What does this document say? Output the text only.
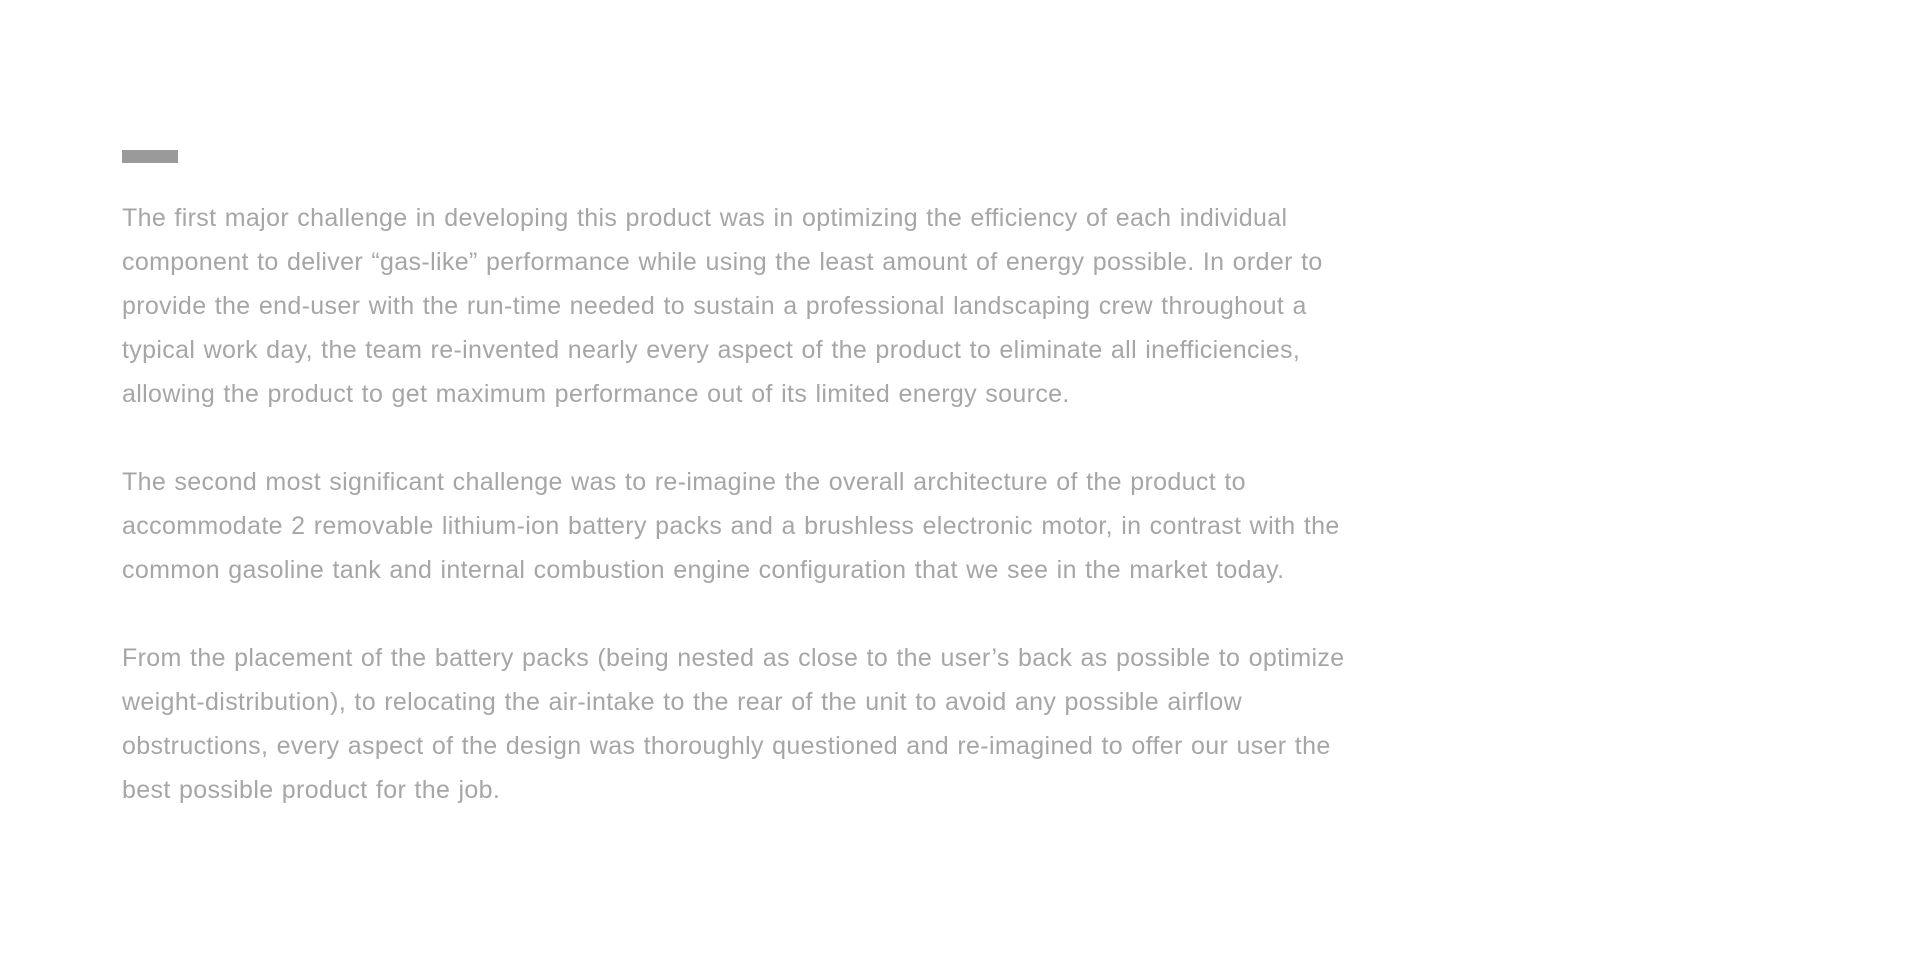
The first major challenge in developing this product was in optimizing the efficiency of each individual
component to deliver “gas-like” performance while using the least amount of energy possible. In order to
provide the end-user with the run-time needed to sustain a professional landscaping crew throughout a
typical work day, the team re-invented nearly every aspect of the product to eliminate all inefficiencies,
allowing the product to get maximum performance out of its limited energy source.

The second most significant challenge was to re-imagine the overall architecture of the product to
accommodate 2 removable lithium-ion battery packs and a brushless electronic motor, in contrast with the
common gasoline tank and internal combustion engine configuration that we see in the market today.

From the placement of the battery packs (being nested as close to the user’s back as possible to optimize
weight-distribution), to relocating the air-intake to the rear of the unit to avoid any possible airflow
obstructions, every aspect of the design was thoroughly questioned and re-imagined to offer our user the
best possible product for the job.
